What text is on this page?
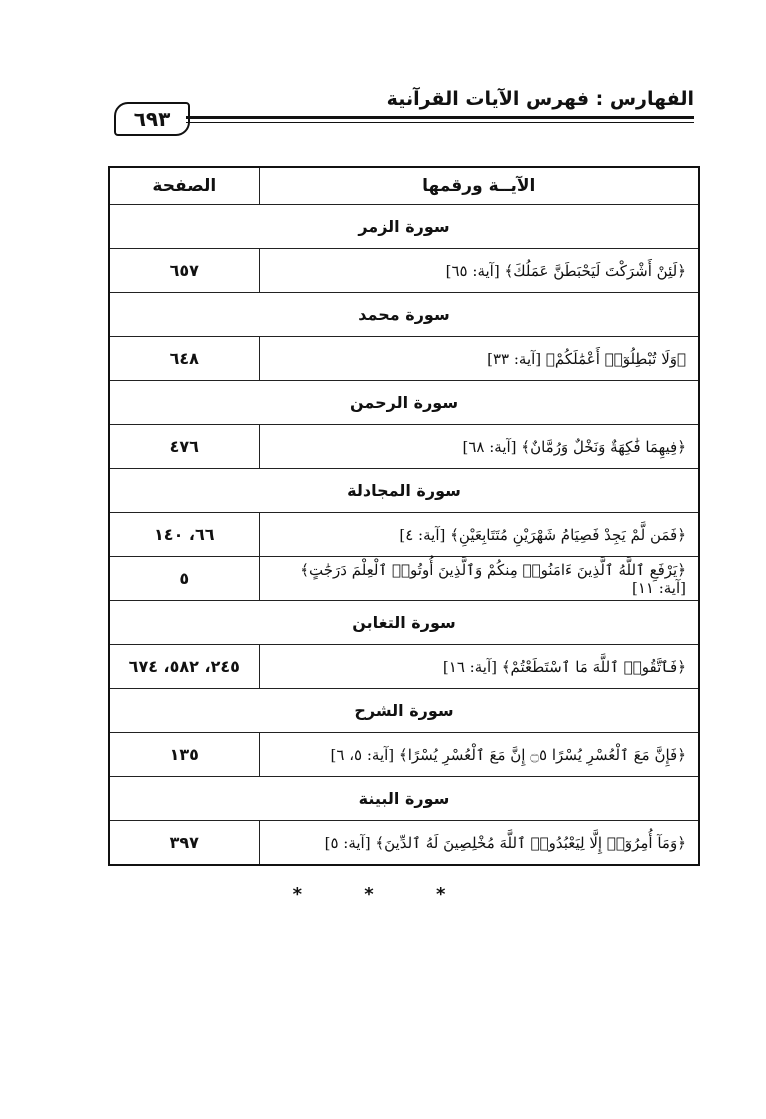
الفهارس : فهرس الآيات القرآنية
٦٩٣
الآيــة ورقمها	الصفحة
سورة الزمر	
﴿لَئِنْ أَشْرَكْتَ لَيَحْبَطَنَّ عَمَلُكَ﴾ [آية: ٦٥]	٦٥٧
سورة محمد	
﴿وَلَا تُبْطِلُوٓا۟ أَعْمَٰلَكُمْ﴾ [آية: ٣٣]	٦٤٨
سورة الرحمن	
﴿فِيهِمَا فَٰكِهَةٌ وَنَخْلٌ وَرُمَّانٌ﴾ [آية: ٦٨]	٤٧٦
سورة المجادلة	
﴿فَمَن لَّمْ يَجِدْ فَصِيَامُ شَهْرَيْنِ مُتَتَابِعَيْنِ﴾ [آية: ٤]	٦٦، ١٤٠
﴿يَرْفَعِ ٱللَّهُ ٱلَّذِينَ ءَامَنُوا۟ مِنكُمْ وَٱلَّذِينَ أُوتُوا۟ ٱلْعِلْمَ دَرَجَٰتٍ﴾ [آية: ١١]	٥
سورة التغابن	
﴿فَٱتَّقُوا۟ ٱللَّهَ مَا ٱسْتَطَعْتُمْ﴾ [آية: ١٦]	٢٤٥، ٥٨٢، ٦٧٤
سورة الشرح	
﴿فَإِنَّ مَعَ ٱلْعُسْرِ يُسْرًا ۝٥ إِنَّ مَعَ ٱلْعُسْرِ يُسْرًا﴾ [آية: ٥، ٦]	١٣٥
سورة البينة	
﴿وَمَآ أُمِرُوٓا۟ إِلَّا لِيَعْبُدُوا۟ ٱللَّهَ مُخْلِصِينَ لَهُ ٱلدِّينَ﴾ [آية: ٥]	٣٩٧
* * *
